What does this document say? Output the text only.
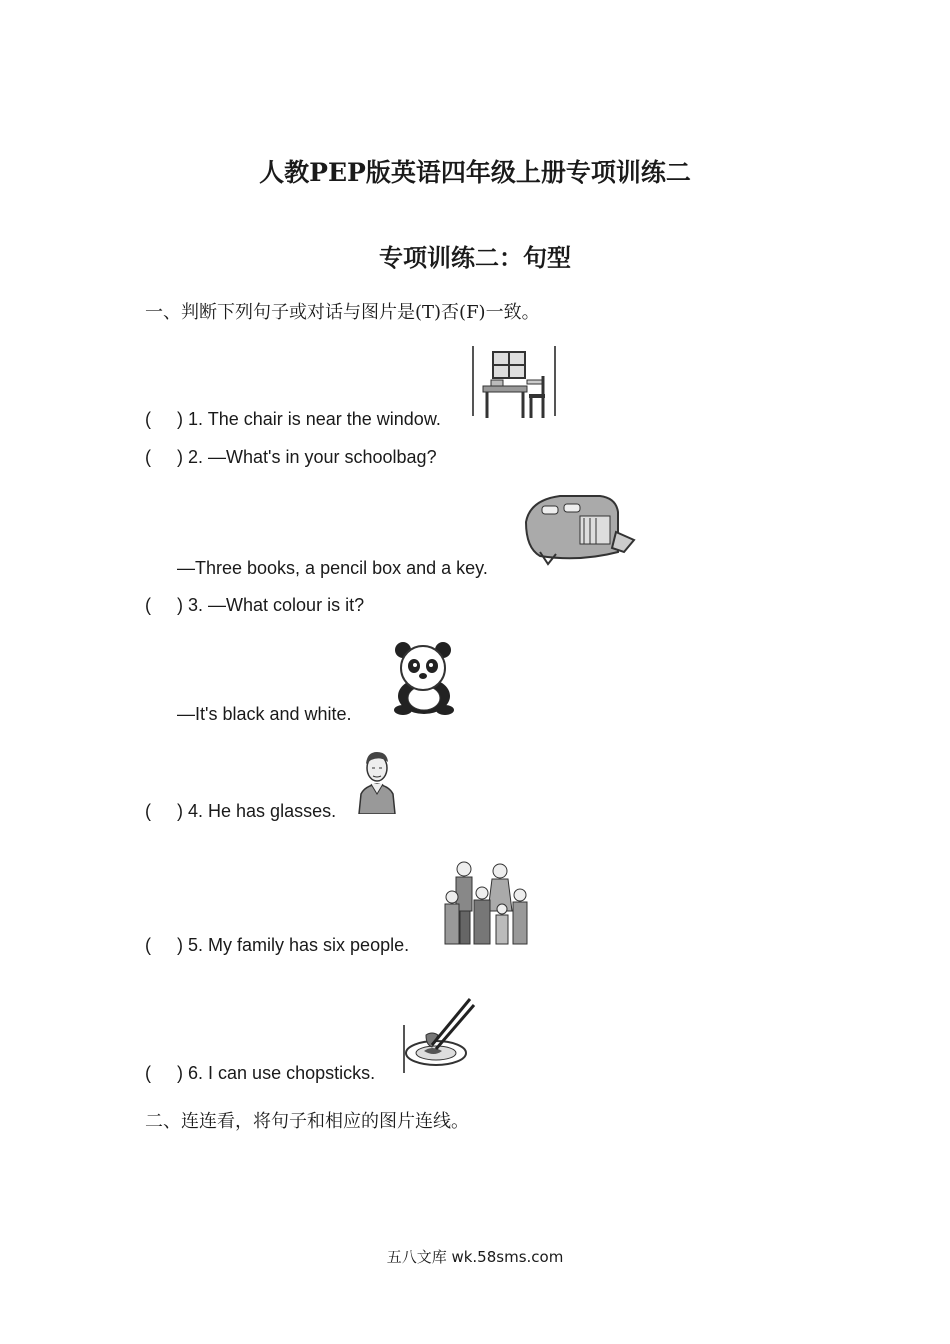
人教PEP版英语四年级上册专项训练二
专项训练二：句型
一、判断下列句子或对话与图片是(T)否(F)一致。
( ) 1. The chair is near the window.
( ) 2. —What's in your schoolbag?
—Three books, a pencil box and a key.
( ) 3. —What colour is it?
—It's black and white.
( ) 4. He has glasses.
( ) 5. My family has six people.
( ) 6. I can use chopsticks.
二、连连看，将句子和相应的图片连线。
五八文库 wk.58sms.com
